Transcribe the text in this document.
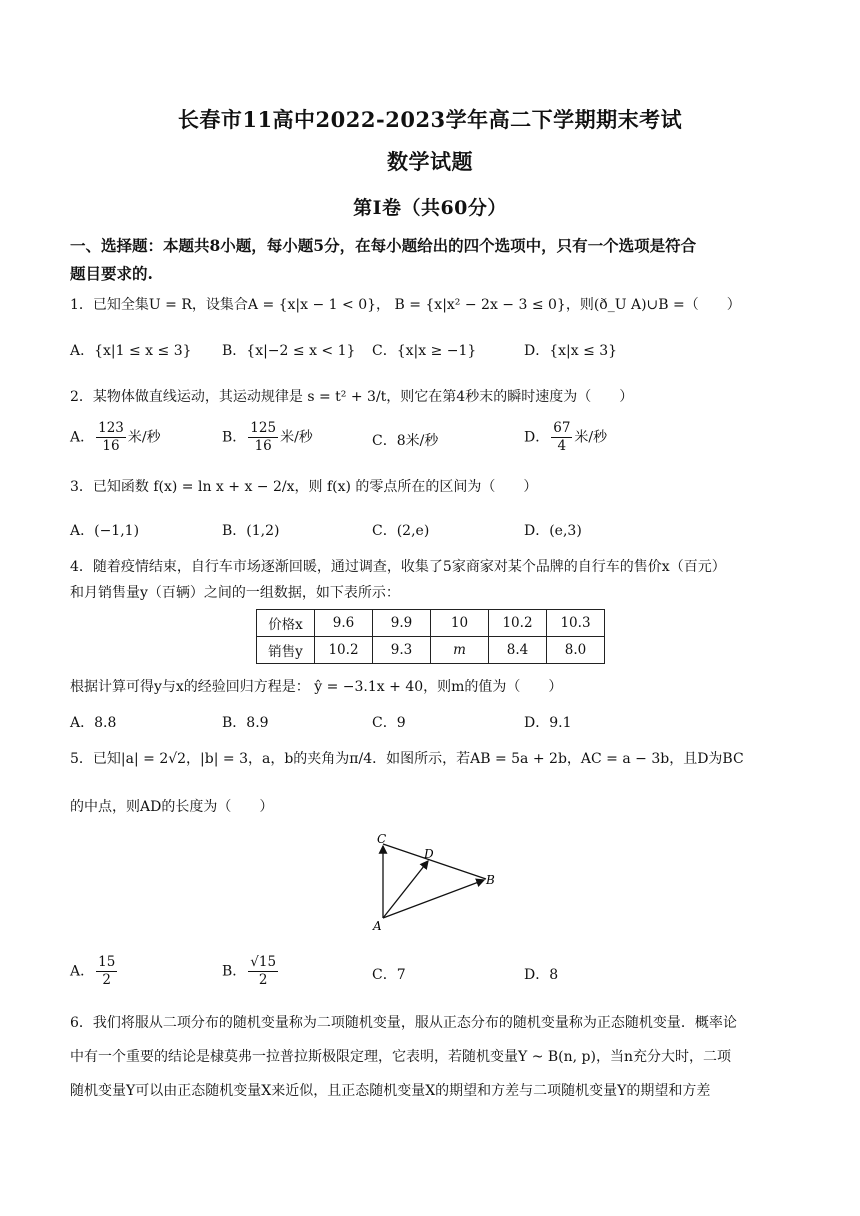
长春市11高中2022-2023学年高二下学期期末考试
数学试题
第Ⅰ卷（共60分）
一、选择题：本题共8小题，每小题5分，在每小题给出的四个选项中，只有一个选项是符合
题目要求的.
1．已知全集U = R，设集合A = {x|x − 1 < 0}， B = {x|x² − 2x − 3 ≤ 0}，则(ð_U A)∪B =（　　）
A．{x|1 ≤ x ≤ 3} B．{x|−2 ≤ x < 1} C．{x|x ≥ −1}	D．{x|x ≤ 3}
2．某物体做直线运动，其运动规律是 s = t² + 3/t，则它在第4秒末的瞬时速度为（　　）
A． $\frac{123}{16}$ 米/秒	B． $\frac{125}{16}$ 米/秒	C．8米/秒	D． $\frac{67}{4}$ 米/秒
3．已知函数 f(x) = ln x + x − 2/x，则 f(x) 的零点所在的区间为（　　）
A．(−1,1)	B．(1,2)	C．(2,e)	D．(e,3)
4．随着疫情结束，自行车市场逐渐回暖，通过调查，收集了5家商家对某个品牌的自行车的售价x（百元）
和月销售量y（百辆）之间的一组数据，如下表所示：
价格x	9.6	9.9	10	10.2	10.3
销售y	10.2	9.3	m	8.4	8.0
根据计算可得y与x的经验回归方程是： ŷ = −3.1x + 40，则m的值为（　　）
A．8.8	B．8.9	C．9	D．9.1
5．已知|a| = 2√2，|b| = 3，a，b的夹角为π/4．如图所示，若AB = 5a + 2b，AC = a − 3b，且D为BC
的中点，则AD的长度为（　　）
C
D
B
A
A． $\frac{15}{2}$	B． $\frac{√15}{2}$	C．7	D．8
6．我们将服从二项分布的随机变量称为二项随机变量，服从正态分布的随机变量称为正态随机变量．概率论
中有一个重要的结论是棣莫弗一拉普拉斯极限定理，它表明，若随机变量Y ~ B(n, p)，当n充分大时，二项
随机变量Y可以由正态随机变量X来近似，且正态随机变量X的期望和方差与二项随机变量Y的期望和方差
